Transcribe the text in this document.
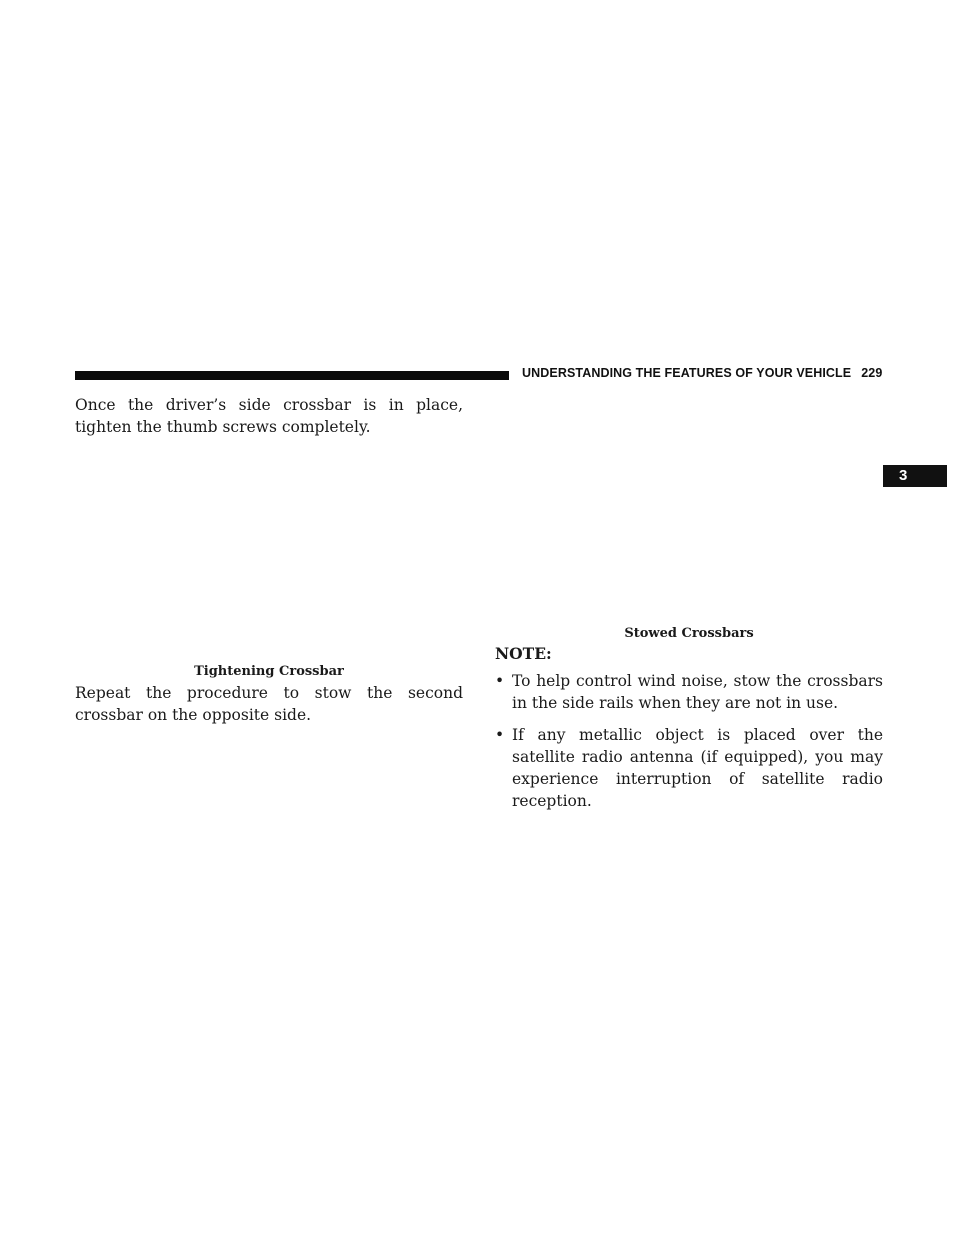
UNDERSTANDING THE FEATURES OF YOUR VEHICLE 229
3
Once the driver’s side crossbar is in place, tighten the thumb screws completely.
Tightening Crossbar
Repeat the procedure to stow the second crossbar on the opposite side.
Stowed Crossbars
NOTE:
• To help control wind noise, stow the crossbars in the side rails when they are not in use.
• If any metallic object is placed over the satellite radio antenna (if equipped), you may experience interruption of satellite radio reception.
